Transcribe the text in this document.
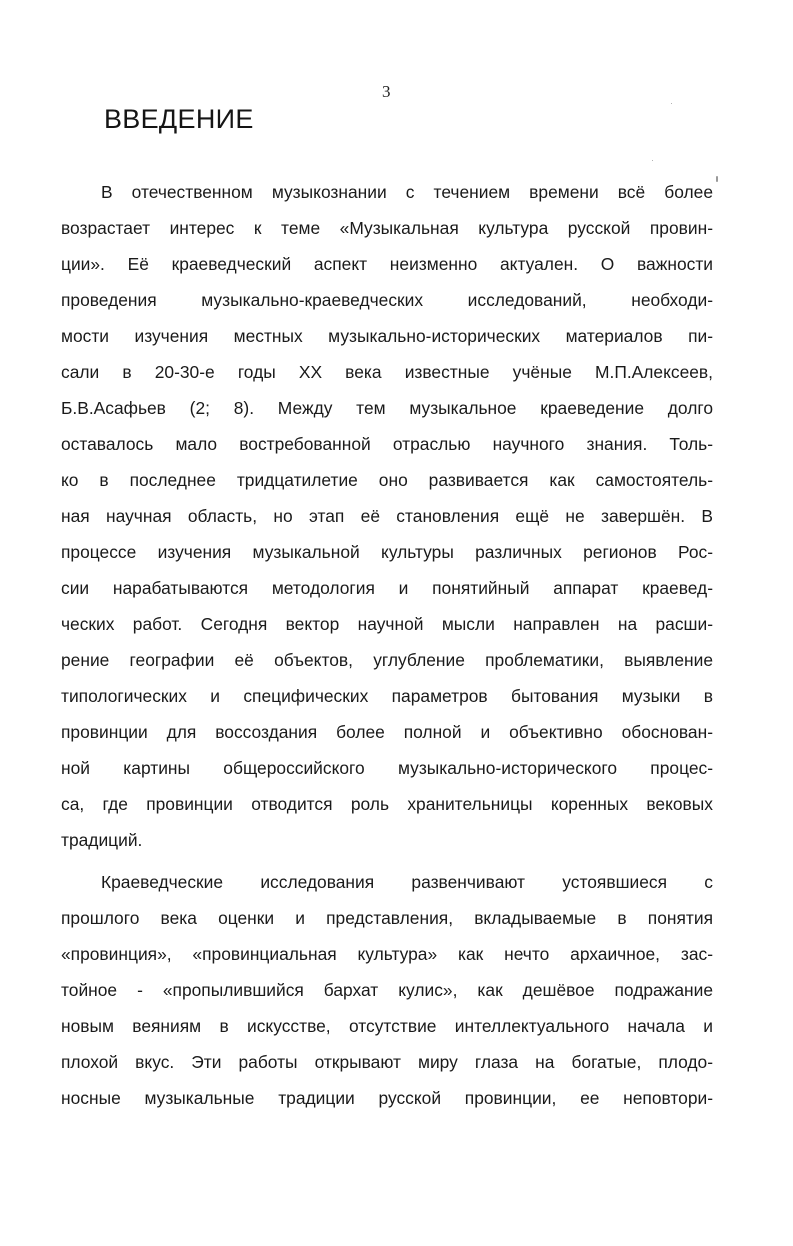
3
ВВЕДЕНИЕ
В отечественном музыкознании с течением времени всё более
возрастает интерес к теме «Музыкальная культура русской провин-
ции». Её краеведческий аспект неизменно актуален. О важности
проведения музыкально-краеведческих исследований, необходи-
мости изучения местных музыкально-исторических материалов пи-
сали в 20-30-е годы XX века известные учёные М.П.Алексеев,
Б.В.Асафьев (2; 8). Между тем музыкальное краеведение долго
оставалось мало востребованной отраслью научного знания. Толь-
ко в последнее тридцатилетие оно развивается как самостоятель-
ная научная область, но этап её становления ещё не завершён. В
процессе изучения музыкальной культуры различных регионов Рос-
сии нарабатываются методология и понятийный аппарат краевед-
ческих работ. Сегодня вектор научной мысли направлен на расши-
рение географии её объектов, углубление проблематики, выявление
типологических и специфических параметров бытования музыки в
провинции для воссоздания более полной и объективно обоснован-
ной картины общероссийского музыкально-исторического процес-
са, где провинции отводится роль хранительницы коренных вековых
традиций.
Краеведческие исследования развенчивают устоявшиеся с
прошлого века оценки и представления, вкладываемые в понятия
«провинция», «провинциальная культура» как нечто архаичное, зас-
тойное - «пропылившийся бархат кулис», как дешёвое подражание
новым веяниям в искусстве, отсутствие интеллектуального начала и
плохой вкус. Эти работы открывают миру глаза на богатые, плодо-
носные музыкальные традиции русской провинции, ее неповтори-
